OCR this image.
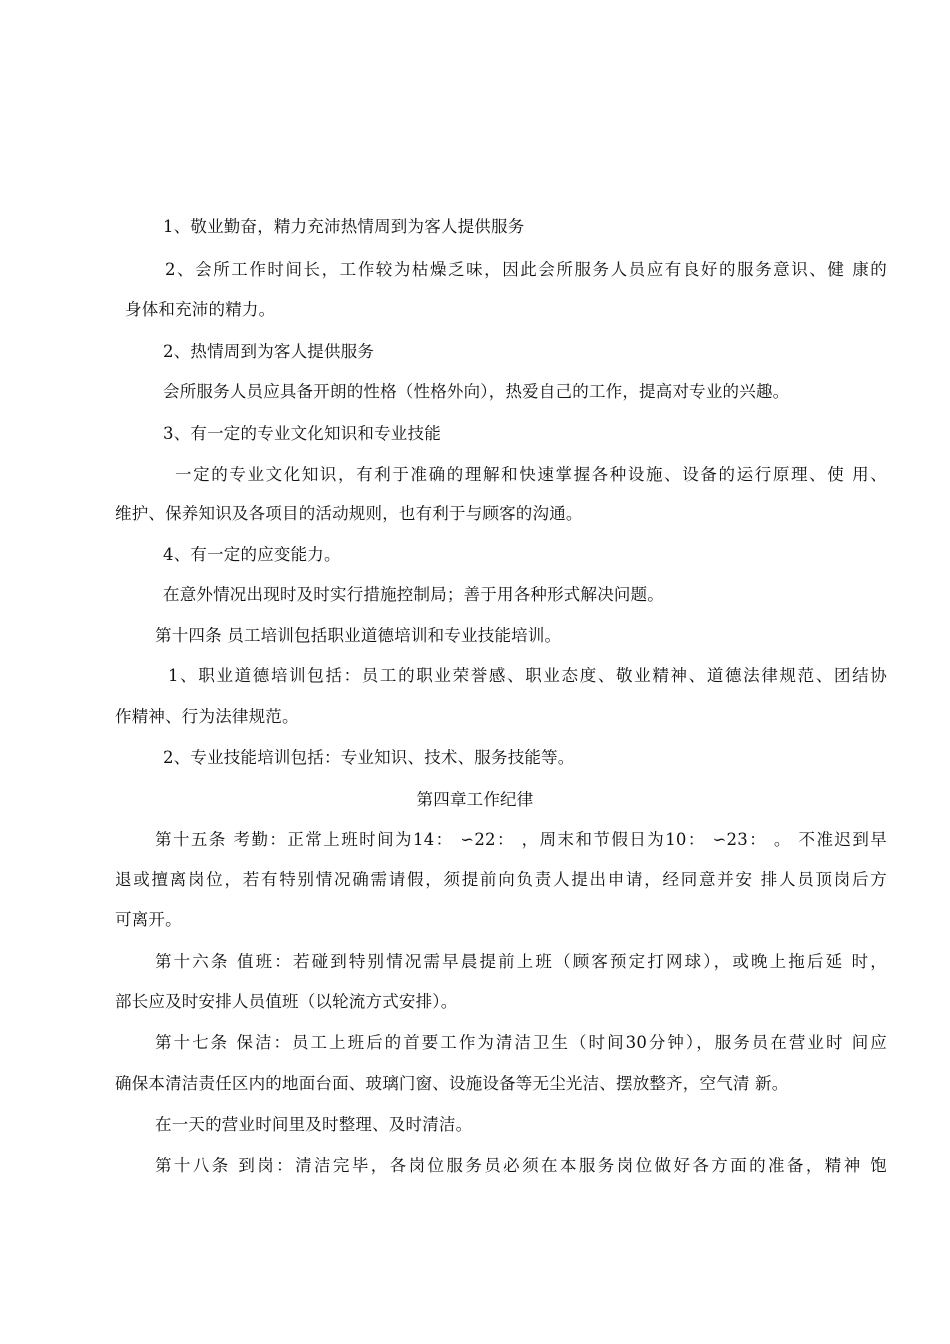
1、敬业勤奋，精力充沛热情周到为客人提供服务
2、会所工作时间长，工作较为枯燥乏味，因此会所服务人员应有良好的服务意识、健 康的
身体和充沛的精力。
2、热情周到为客人提供服务
会所服务人员应具备开朗的性格（性格外向），热爱自己的工作，提高对专业的兴趣。
3、有一定的专业文化知识和专业技能
一定的专业文化知识，有利于准确的理解和快速掌握各种设施、设备的运行原理、使 用、
维护、保养知识及各项目的活动规则，也有利于与顾客的沟通。
4、有一定的应变能力。
在意外情况出现时及时实行措施控制局；善于用各种形式解决问题。
第十四条 员工培训包括职业道德培训和专业技能培训。
1、职业道德培训包括：员工的职业荣誉感、职业态度、敬业精神、道德法律规范、团结协
作精神、行为法律规范。
2、专业技能培训包括：专业知识、技术、服务技能等。
第四章工作纪律
第十五条 考勤：正常上班时间为14： ∽22： ，周末和节假日为10： ∽23： 。 不准迟到早
退或擅离岗位，若有特别情况确需请假，须提前向负责人提出申请，经同意并安 排人员顶岗后方
可离开。
第十六条 值班：若碰到特别情况需早晨提前上班（顾客预定打网球），或晚上拖后延 时，
部长应及时安排人员值班（以轮流方式安排）。
第十七条 保洁：员工上班后的首要工作为清洁卫生（时间30分钟），服务员在营业时 间应
确保本清洁责任区内的地面台面、玻璃门窗、设施设备等无尘光洁、摆放整齐，空气清 新。
在一天的营业时间里及时整理、及时清洁。
第十八条 到岗：清洁完毕，各岗位服务员必须在本服务岗位做好各方面的准备，精神 饱
